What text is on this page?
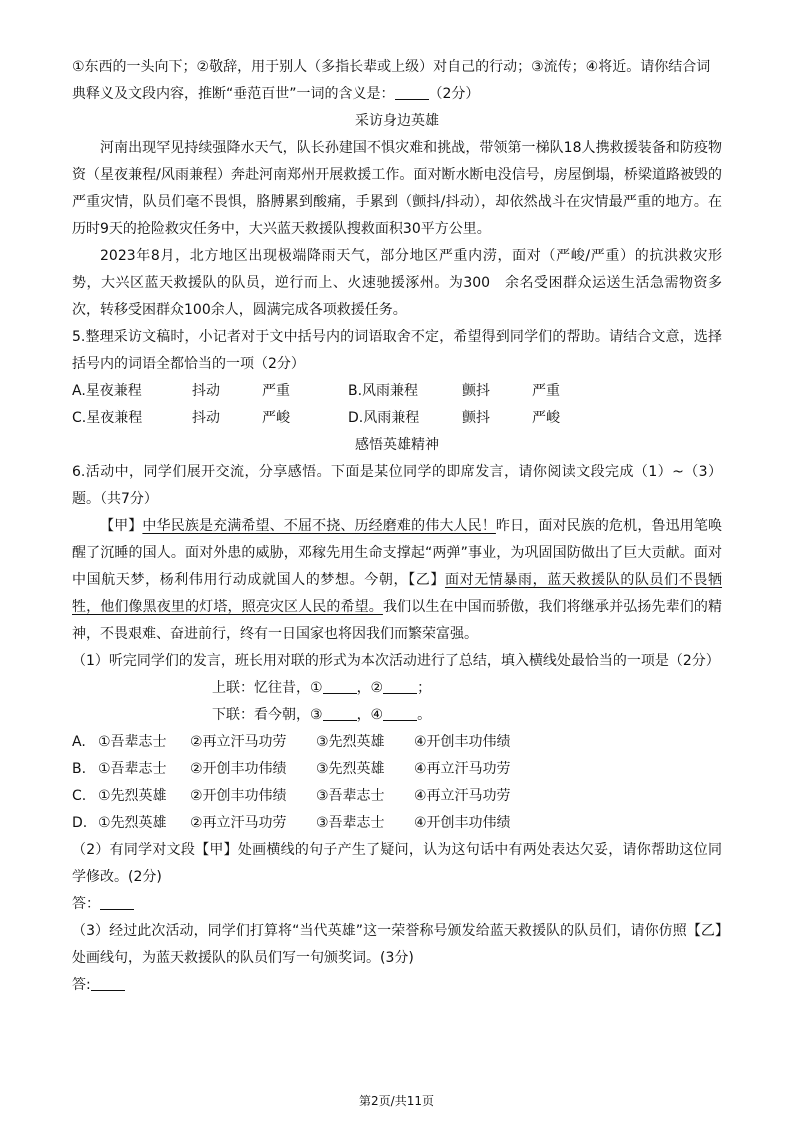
①东西的一头向下；②敬辞，用于别人（多指长辈或上级）对自己的行动；③流传；④将近。请你结合词

典释义及文段内容，推断“垂范百世”一词的含义是： （2分）

采访身边英雄

河南出现罕见持续强降水天气，队长孙建国不惧灾难和挑战，带领第一梯队18人携救援装备和防疫物资（星夜兼程/风雨兼程）奔赴河南郑州开展救援工作。面对断水断电没信号，房屋倒塌，桥梁道路被毁的严重灾情，队员们毫不畏惧，胳膊累到酸痛，手累到（颤抖/抖动），却依然战斗在灾情最严重的地方。在历时9天的抢险救灾任务中，大兴蓝天救援队搜救面积30平方公里。

2023年8月，北方地区出现极端降雨天气，部分地区严重内涝，面对（严峻/严重）的抗洪救灾形势，大兴区蓝天救援队的队员，逆行而上、火速驰援涿州。为300　余名受困群众运送生活急需物资多次，转移受困群众100余人，圆满完成各项救援任务。

5.整理采访文稿时，小记者对于文中括号内的词语取舍不定，希望得到同学们的帮助。请结合文意，选择括号内的词语全都恰当的一项（2分）

A.星夜兼程	抖动	严重	B.风雨兼程	颤抖	严重
C.星夜兼程	抖动	严峻	D.风雨兼程	颤抖	严峻

感悟英雄精神

6.活动中，同学们展开交流，分享感悟。下面是某位同学的即席发言，请你阅读文段完成（1）~（3）题。（共7分）

【甲】中华民族是充满希望、不屈不挠、历经磨难的伟大人民！昨日，面对民族的危机，鲁迅用笔唤醒了沉睡的国人。面对外患的威胁，邓稼先用生命支撑起“两弹”事业，为巩固国防做出了巨大贡献。面对中国航天梦，杨利伟用行动成就国人的梦想。今朝，【乙】面对无情暴雨，蓝天救援队的队员们不畏牺牲，他们像黑夜里的灯塔，照亮灾区人民的希望。我们以生在中国而骄傲，我们将继承并弘扬先辈们的精神，不畏艰难、奋进前行，终有一日国家也将因我们而繁荣富强。

（1）听完同学们的发言，班长用对联的形式为本次活动进行了总结，填入横线处最恰当的一项是（2分）

上联：忆往昔，① ，② ；
下联：看今朝，③ ，④ 。
A. ①吾辈志士	②再立汗马功劳	③先烈英雄	④开创丰功伟绩
B. ①吾辈志士	②开创丰功伟绩	③先烈英雄	④再立汗马功劳
C. ①先烈英雄	②开创丰功伟绩	③吾辈志士	④再立汗马功劳
D. ①先烈英雄	②再立汗马功劳	③吾辈志士	④开创丰功伟绩

（2）有同学对文段【甲】处画横线的句子产生了疑问，认为这句话中有两处表达欠妥，请你帮助这位同学修改。(2分)

答：

（3）经过此次活动，同学们打算将“当代英雄”这一荣誉称号颁发给蓝天救援队的队员们，请你仿照【乙】处画线句，为蓝天救援队的队员们写一句颁奖词。(3分)

答:

第2页/共11页
